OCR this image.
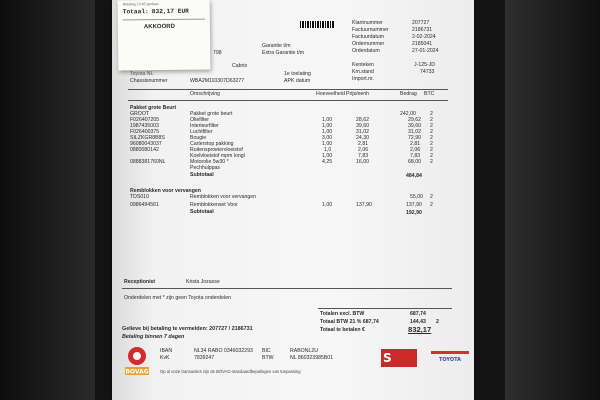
Betaling 13:45 gedaan
Totaal: 832,17 EUR
AKKOORD
Klantnummer	207727
Factuurnummer	2186731
Factuurdatum	2-02-2024
Ordernummer	2185041
Orderdatum	27-01-2024
798
Garantie t/m
Extra Garantie t/m
Cabrio
Toyota NL
Chassisnummer	WBA2M110307D63277
1e toelating
APK datum
Kenteken	J-125-JD
Km.stand	74733
Import.nr.
Omschrijving	Hoeveelheid Prijs/eenh	Bedrag BTC
Pakket grote Beurt
GROOT	Pakket grote beurt	242,00	2
F026407205	Oliefilter	1,00	28,62	29,62 2
1987435003	Interieurfilter	1,00	39,60	39,60 2
F026400375	Luchtfilter	1,00	31,02	31,02 2
SILZKGR8B8S	Bougie	3,00	24,30	72,90 2
96080043037	Carterstop pakking	1,00	2,81	2,81 2
0880080142	Ruitensproeiervloeistof	1,0	2,06	2,06 2
Koelvloeistof mpm longl	1,00	7,83	7,83 2
0888381760NL	Motorolie 5w30 *	4,25	16,00	68,00 2
Pechhulppas
Subtotaal	484,84
Remblokken voor vervangen
TDS010	Remblokken voor vervangen	55,00 2
0986494561	Remblokkenset Voor	1,00	137,90	137,90 2
Subtotaal	192,90
Receptionist	Krista Jozasse
Onderdelen met * zijn geen Toyota onderdelen
Totalen excl. BTW	687,74
Totaal BTW 21 % 687,74	144,43 2
Totaal te betalen €	832,17
Gelieve bij betaling te vermelden: 207727 / 2186731
Betaling binnen 7 dagen
BOVAG
IBAN	NL34 RABO 0346032293 BIC	RABONL2U
KvK	7839247	BTW	NL 860323985B01	S	TOYOTA
Op al onze transacties zijn de BOVAG-standaardbepalingen van toepassing
